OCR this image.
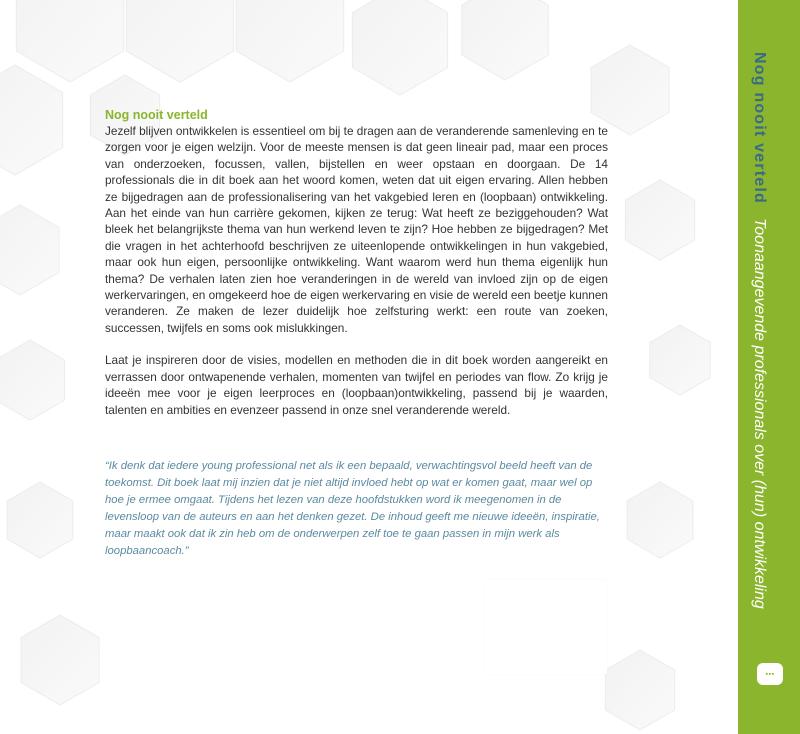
Nog nooit verteldToonaangevende professionals over (hun) ontwikkeling
▪▪▪
Nog nooit verteld

Jezelf blijven ontwikkelen is essentieel om bij te dragen aan de veranderende samenleving en te zorgen voor je eigen welzijn. Voor de meeste mensen is dat geen lineair pad, maar een proces van onderzoeken, focussen, vallen, bijstellen en weer opstaan en doorgaan. De 14 professionals die in dit boek aan het woord komen, weten dat uit eigen ervaring. Allen hebben ze bijgedragen aan de professionalisering van het vakgebied leren en (loopbaan) ontwikkeling. Aan het einde van hun carrière gekomen, kijken ze terug: Wat heeft ze beziggehouden? Wat bleek het belangrijkste thema van hun werkend leven te zijn? Hoe hebben ze bijgedragen? Met die vragen in het achterhoofd beschrijven ze uiteenlopende ontwikkelingen in hun vakgebied, maar ook hun eigen, persoonlijke ontwikkeling. Want waarom werd hun thema eigenlijk hun thema? De verhalen laten zien hoe veranderingen in de wereld van invloed zijn op de eigen werkervaringen, en omgekeerd hoe de eigen werkervaring en visie de wereld een beetje kunnen veranderen. Ze maken de lezer duidelijk hoe zelfsturing werkt: een route van zoeken, successen, twijfels en soms ook mislukkingen.

Laat je inspireren door de visies, modellen en methoden die in dit boek worden aangereikt en verrassen door ontwapenende verhalen, momenten van twijfel en periodes van flow. Zo krijg je ideeën mee voor je eigen leerproces en (loopbaan)ontwikkeling, passend bij je waarden, talenten en ambities en evenzeer passend in onze snel veranderende wereld.

“Ik denk dat iedere young professional net als ik een bepaald, verwachtingsvol beeld heeft van de toekomst. Dit boek laat mij inzien dat je niet altijd invloed hebt op wat er komen gaat, maar wel op hoe je ermee omgaat. Tijdens het lezen van deze hoofdstukken word ik meegenomen in de levensloop van de auteurs en aan het denken gezet. De inhoud geeft me nieuwe ideeën, inspiratie, maar maakt ook dat ik zin heb om de onderwerpen zelf toe te gaan passen in mijn werk als loopbaancoach.”
